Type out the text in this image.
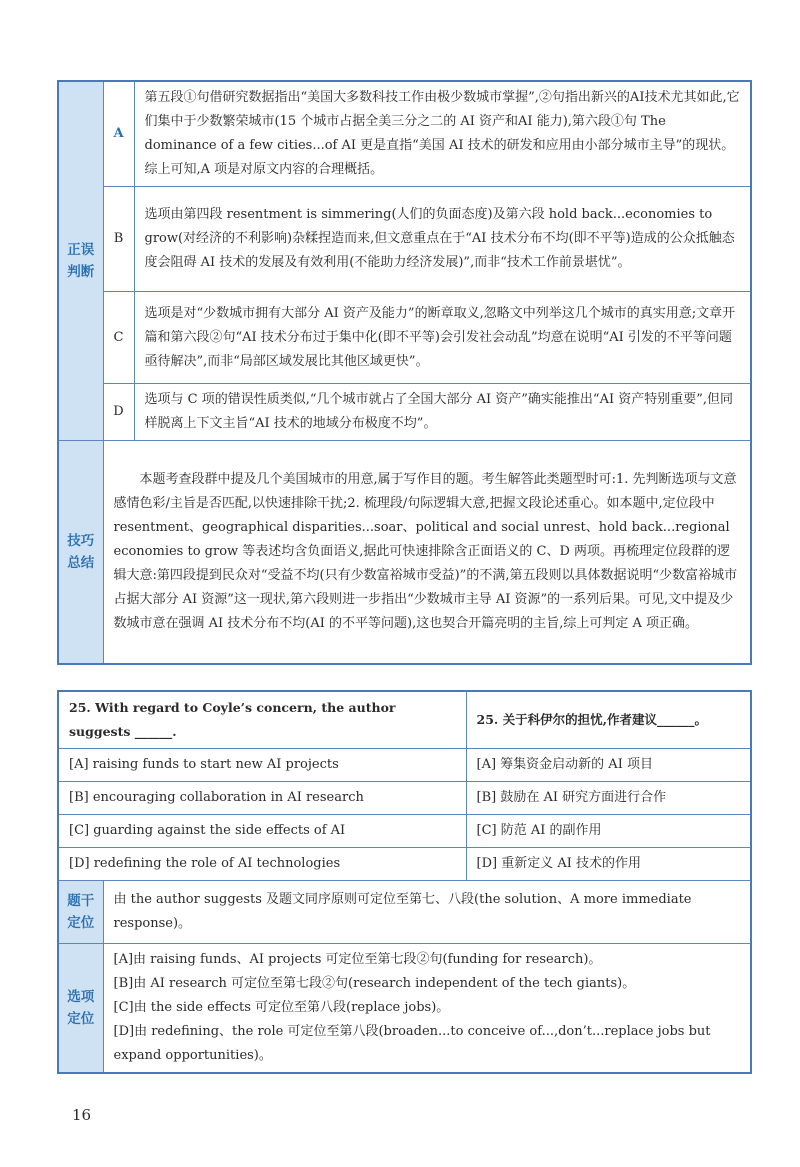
正误判断	A	第五段①句借研究数据指出“美国大多数科技工作由极少数城市掌握”,②句指出新兴的AI技术尤其如此,它们集中于少数繁荣城市(15 个城市占据全美三分之二的 AI 资产和AI 能力),第六段①句 The dominance of a few cities...of AI 更是直指“美国 AI 技术的研发和应用由小部分城市主导”的现状。综上可知,A 项是对原文内容的合理概括。
	B	选项由第四段 resentment is simmering(人们的负面态度)及第六段 hold back...economies to grow(对经济的不利影响)杂糅捏造而来,但文意重点在于“AI 技术分布不均(即不平等)造成的公众抵触态度会阻碍 AI 技术的发展及有效利用(不能助力经济发展)”,而非“技术工作前景堪忧”。
	C	选项是对“少数城市拥有大部分 AI 资产及能力”的断章取义,忽略文中列举这几个城市的真实用意;文章开篇和第六段②句“AI 技术分布过于集中化(即不平等)会引发社会动乱”均意在说明“AI 引发的不平等问题亟待解决”,而非“局部区域发展比其他区域更快”。
	D	选项与 C 项的错误性质类似,“几个城市就占了全国大部分 AI 资产”确实能推出“AI 资产特别重要”,但同样脱离上下文主旨“AI 技术的地域分布极度不均”。
技巧总结	本题考查段群中提及几个美国城市的用意,属于写作目的题。考生解答此类题型时可:1. 先判断选项与文意感情色彩/主旨是否匹配,以快速排除干扰;2. 梳理段/句际逻辑大意,把握文段论述重心。如本题中,定位段中 resentment、geographical disparities...soar、political and social unrest、hold back...regional economies to grow 等表述均含负面语义,据此可快速排除含正面语义的 C、D 两项。再梳理定位段群的逻辑大意:第四段提到民众对“受益不均(只有少数富裕城市受益)”的不满,第五段则以具体数据说明“少数富裕城市占据大部分 AI 资源”这一现状,第六段则进一步指出“少数城市主导 AI 资源”的一系列后果。可见,文中提及少数城市意在强调 AI 技术分布不均(AI 的不平等问题),这也契合开篇亮明的主旨,综上可判定 A 项正确。	
25. With regard to Coyle’s concern, the author suggests ______.		25. 关于科伊尔的担忧,作者建议______。
[A] raising funds to start new AI projects		[A] 筹集资金启动新的 AI 项目
[B] encouraging collaboration in AI research		[B] 鼓励在 AI 研究方面进行合作
[C] guarding against the side effects of AI		[C] 防范 AI 的副作用
[D] redefining the role of AI technologies		[D] 重新定义 AI 技术的作用
题干定位	由 the author suggests 及题文同序原则可定位至第七、八段(the solution、A more immediate response)。	
选项定位	[A]由 raising funds、AI projects 可定位至第七段②句(funding for research)。
[B]由 AI research 可定位至第七段②句(research independent of the tech giants)。
[C]由 the side effects 可定位至第八段(replace jobs)。
[D]由 redefining、the role 可定位至第八段(broaden...to conceive of...,don’t...replace jobs but expand opportunities)。	
16
